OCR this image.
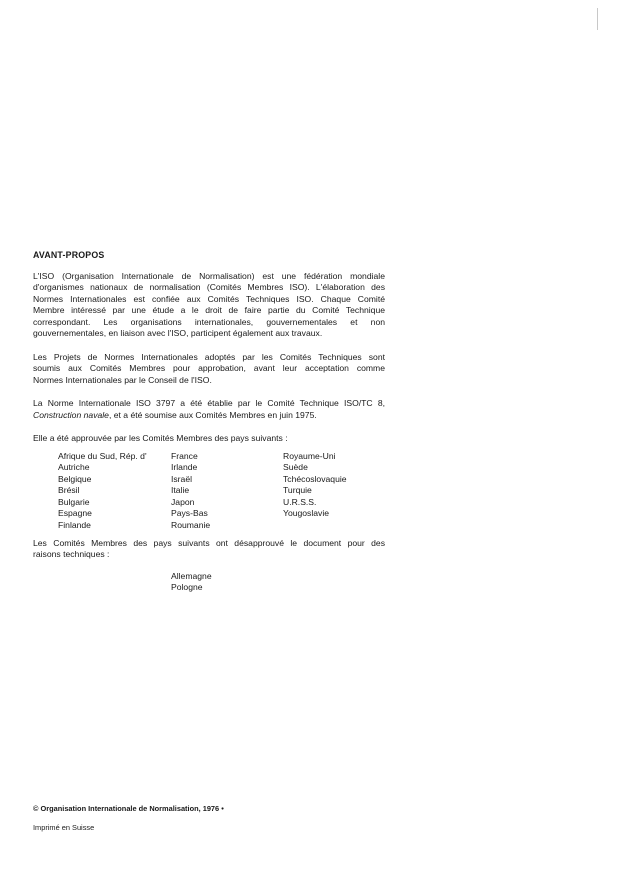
AVANT-PROPOS
L'ISO (Organisation Internationale de Normalisation) est une fédération mondiale
d'organismes nationaux de normalisation (Comités Membres ISO). L'élaboration des
Normes Internationales est confiée aux Comités Techniques ISO. Chaque Comité
Membre intéressé par une étude a le droit de faire partie du Comité Technique
correspondant. Les organisations internationales, gouvernementales et non
gouvernementales, en liaison avec l'ISO, participent également aux travaux.
Les Projets de Normes Internationales adoptés par les Comités Techniques sont
soumis aux Comités Membres pour approbation, avant leur acceptation comme
Normes Internationales par le Conseil de l'ISO.
La Norme Internationale ISO 3797 a été établie par le Comité Technique ISO/TC 8,
Construction navale, et a été soumise aux Comités Membres en juin 1975.
Elle a été approuvée par les Comités Membres des pays suivants :
Afrique du Sud, Rép. d'
Autriche
Belgique
Brésil
Bulgarie
Espagne
Finlande
France
Irlande
Israël
Italie
Japon
Pays-Bas
Roumanie
Royaume-Uni
Suède
Tchécoslovaquie
Turquie
U.R.S.S.
Yougoslavie
Les Comités Membres des pays suivants ont désapprouvé le document pour des
raisons techniques :
Allemagne
Pologne
© Organisation Internationale de Normalisation, 1976 •
Imprimé en Suisse
